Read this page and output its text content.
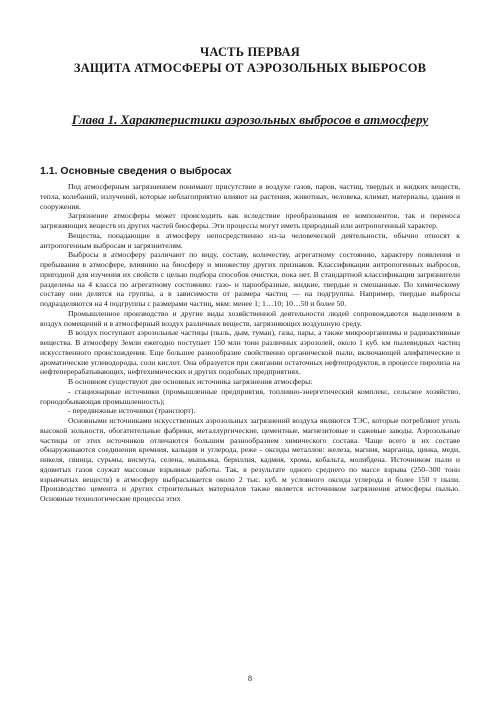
ЧАСТЬ ПЕРВАЯ
ЗАЩИТА АТМОСФЕРЫ ОТ АЭРОЗОЛЬНЫХ ВЫБРОСОВ
Глава 1. Характеристики аэрозольных выбросов в атмосферу
1.1. Основные сведения о выбросах

Под атмосферным загрязнением понимают присутствие в воздухе газов, паров, частиц, твердых и жидких веществ, тепла, колебаний, излучений, которые неблагоприятно влияют на растения, животных, человека, климат, материалы, здания и сооружения.

Загрязнение атмосферы может происходить как вследствие преобразования ее компонентов, так и переноса загрязняющих веществ из других частей биосферы. Эти процессы могут иметь природный или антропогенный характер.

Вещества, попадающие в атмосферу непосредственно из-за человеческой деятельности, обычно относят к антропогенным выбросам и загрязнителям.

Выбросы в атмосферу различают по виду, составу, количеству, агрегатному состоянию, характеру появления и пребывания в атмосфере, влиянию на биосферу и множеству других признаков. Классификации антропогенных выбросов, пригодной для изучения их свойств с целью подбора способов очистки, пока нет. В стандартной классификации загрязнители разделены на 4 класса по агрегатному состоянию: газо- и парообразные, жидкие, твердые и смешанные. По химическому составу они делятся на группы, а в зависимости от размера частиц — на подгруппы. Например, твердые выбросы подразделяются на 4 подгруппы с размерами частиц, мкм: менее 1; 1…10; 10…50 и более 50.

Промышленное производство и другие виды хозяйственной деятельности людей сопровождаются выделением в воздух помещений и в атмосферный воздух различных веществ, загрязняющих воздушную среду.

В воздух поступают аэрозольные частицы (пыль, дым, туман), газы, пары, а также микроорганизмы и радиоактивные вещества. В атмосферу Земли ежегодно поступает 150 млн тонн различных аэрозолей, около 1 куб. км пылевидных частиц искусственного происхождения. Еще большее разнообразие свойственно органической пыли, включающей алифатические и ароматические углеводороды, соли кислот. Она образуется при сжигании остаточных нефтепродуктов, в процессе пиролиза на нефтеперерабатывающих, нефтехимических и других подобных предприятиях.

В основном существуют две основных источника загрязнения атмосферы:

- стационарные источники (промышленные предприятия, топливно-энергетический комплекс, сельское хозяйство, горнодобывающая промышленность);

- передвижные источники (транспорт).

Основными источниками искусственных аэрозольных загрязнений воздуха являются ТЭС, которые потребляют уголь высокой зольности, обогатительные фабрики, металлургические, цементные, магнезитовые и сажевые заводы. Аэрозольные частицы от этих источников отличаются большим разнообразием химического состава. Чаще всего в их составе обнаруживаются соединения кремния, кальция и углерода, реже - оксиды металлов: железа, магния, марганца, цинка, меди, никеля, свинца, сурьмы, висмута, селена, мышьяка, бериллия, кадмия, хрома, кобальта, молибдена. Источником пыли и ядовитых газов служат массовые взрывные работы. Так, в результате одного среднего по массе взрыва (250–300 тонн взрывчатых веществ) в атмосферу выбрасывается около 2 тыс. куб. м условного оксида углерода и более 150 т пыли. Производство цемента и других строительных материалов также является источником загрязнения атмосферы пылью. Основные технологические процессы этих

8
